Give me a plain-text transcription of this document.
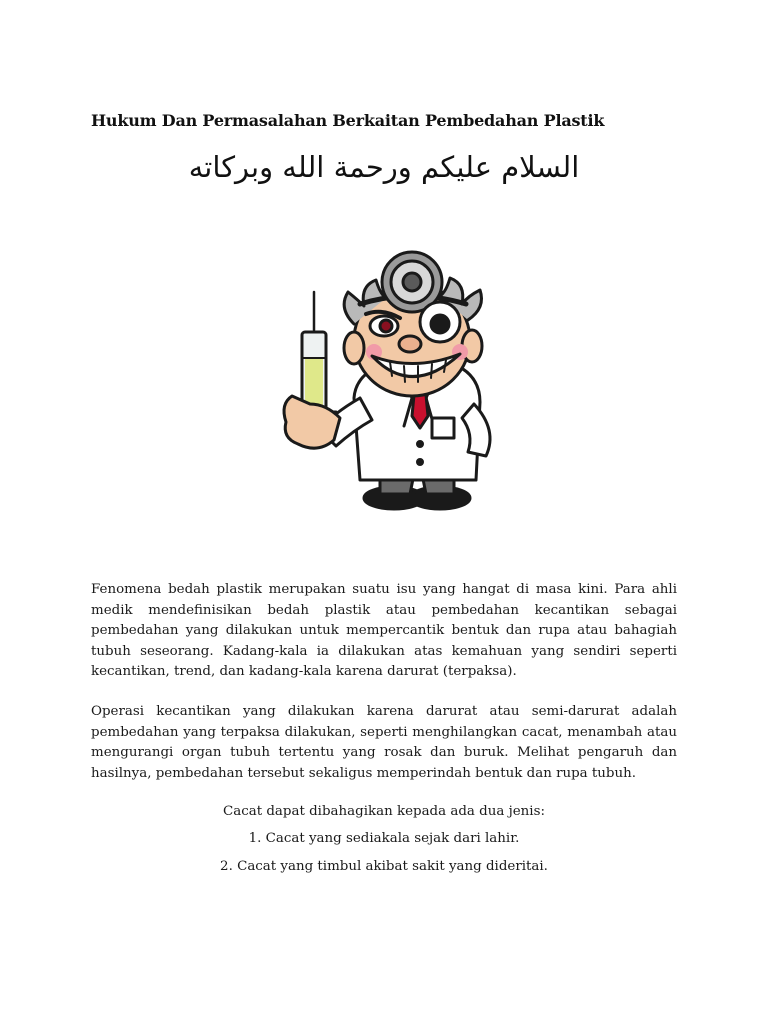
Hukum Dan Permasalahan Berkaitan Pembedahan Plastik
السلام عليكم ورحمة الله وبركاته
Fenomena bedah plastik merupakan suatu isu yang hangat di masa kini. Para ahli medik mendefinisikan bedah plastik atau pembedahan kecantikan sebagai pembedahan yang dilakukan untuk mempercantik bentuk dan rupa atau bahagiah tubuh seseorang. Kadang-kala ia dilakukan atas kemahuan yang sendiri seperti kecantikan, trend, dan kadang-kala karena darurat (terpaksa).
Operasi kecantikan yang dilakukan karena darurat atau semi-darurat adalah pembedahan yang terpaksa dilakukan, seperti menghilangkan cacat, menambah atau mengurangi organ tubuh tertentu yang rosak dan buruk. Melihat pengaruh dan hasilnya, pembedahan tersebut sekaligus memperindah bentuk dan rupa tubuh.
Cacat dapat dibahagikan kepada ada dua jenis:
1. Cacat yang sediakala sejak dari lahir.
2. Cacat yang timbul akibat sakit yang dideritai.
